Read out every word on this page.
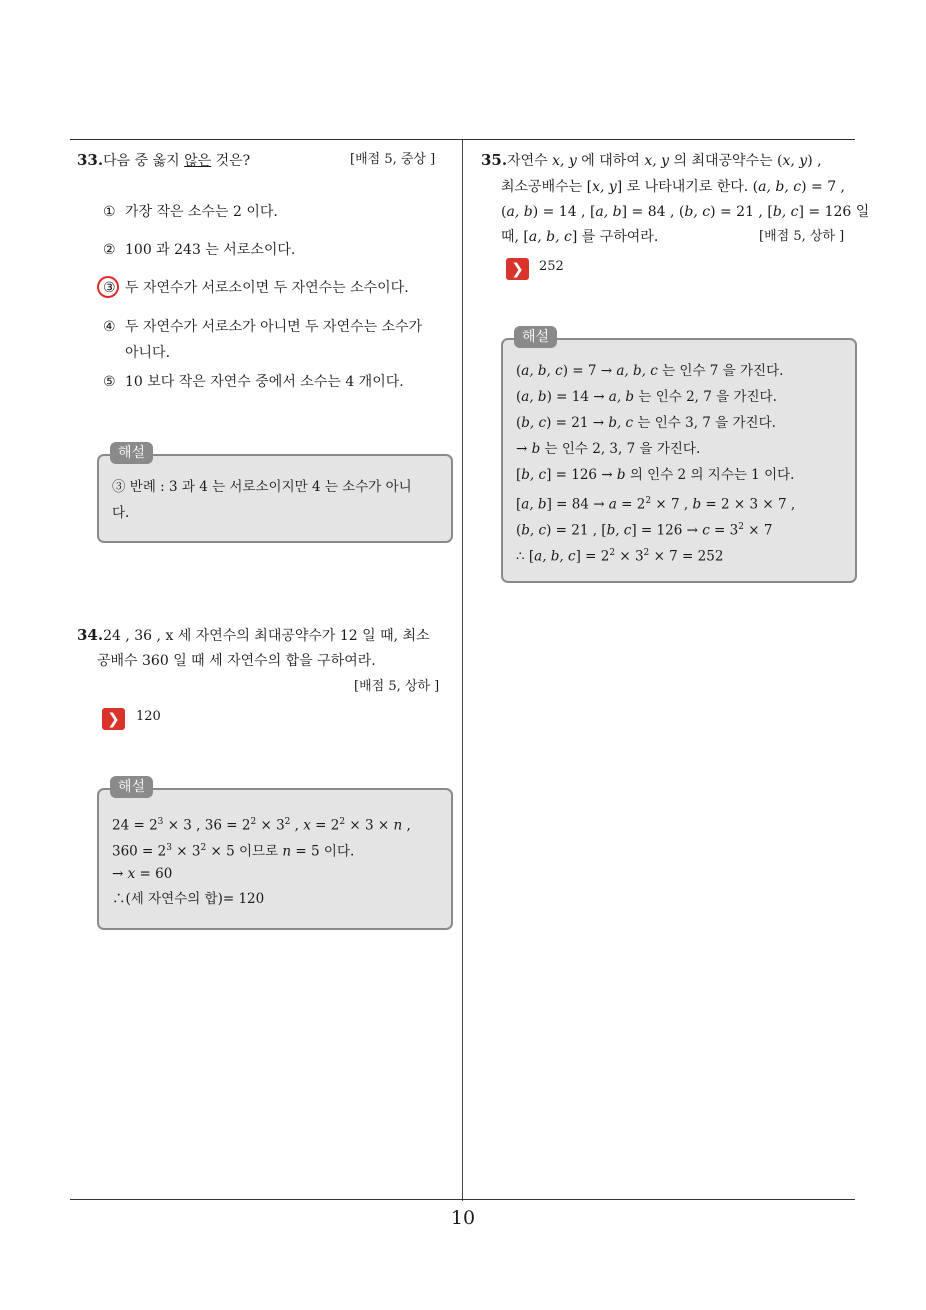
10
33.다음 중 옳지 않은 것은?	[배점 5, 중상 ]
① 가장 작은 소수는 2 이다.
② 100 과 243 는 서로소이다.
③ 두 자연수가 서로소이면 두 자연수는 소수이다.
④ 두 자연수가 서로소가 아니면 두 자연수는 소수가
아니다.
⑤ 10 보다 작은 자연수 중에서 소수는 4 개이다.
③ 반례 : 3 과 4 는 서로소이지만 4 는 소수가 아니
다.
해설
34.24 , 36 , x 세 자연수의 최대공약수가 12 일 때, 최소
공배수 360 일 때 세 자연수의 합을 구하여라.
[배점 5, 상하 ]
❯	120
$24 = 2^3 \times 3$ , $36 = 2^2 \times 3^2$ , $x = 2^2 \times 3 \times n$ ,
$360 = 2^3 \times 3^2 \times 5$ 이므로 n = 5 이다.
→ x = 60
∴(세 자연수의 합)= 120
해설
35.자연수 x, y 에 대하여 x, y 의 최대공약수는 (x, y) ,
최소공배수는 [x, y] 로 나타내기로 한다. (a, b, c) = 7 ,
(a, b) = 14 , [a, b] = 84 , (b, c) = 21 , [b, c] = 126 일
때, [a, b, c] 를 구하여라.	[배점 5, 상하 ]
❯	252
(a, b, c) = 7 → a, b, c 는 인수 7 을 가진다.
(a, b) = 14 → a, b 는 인수 2, 7 을 가진다.
(b, c) = 21 → b, c 는 인수 3, 7 을 가진다.
→ b 는 인수 2, 3, 7 을 가진다.
[b, c] = 126 → b 의 인수 2 의 지수는 1 이다.
[a, $b] = 84 \to a = 2^2 \times 7$ , b = 2 × 3 × 7 ,
(b, c) = 21 , [b, $c] = 126 \to c = 3^2 \times 7$
∴ [a, b, $c] = 2^2 \times 3^2 \times 7 = 252$
해설
